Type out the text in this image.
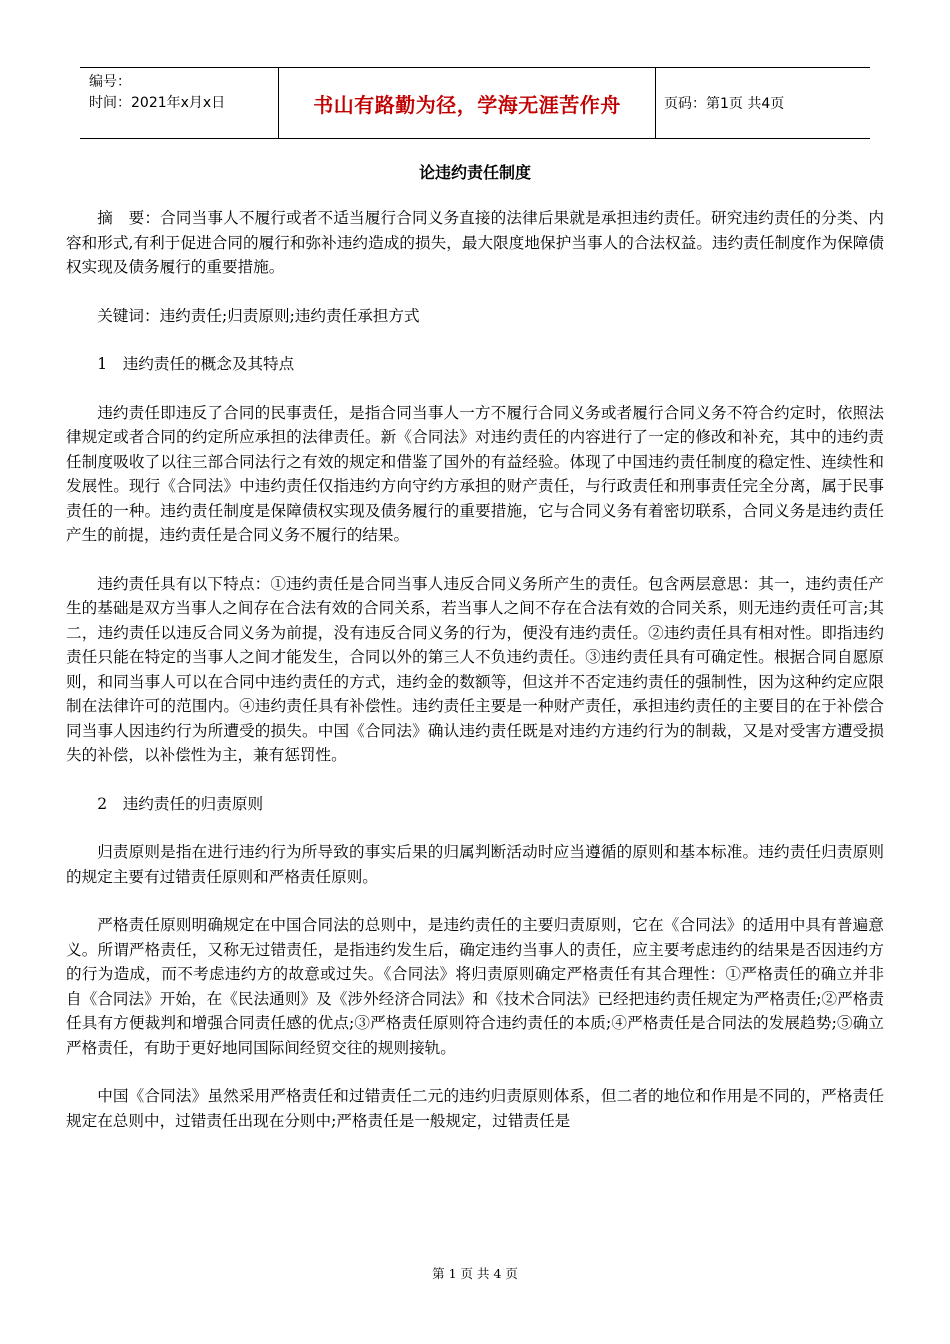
编号：
时间：2021年x月x日	书山有路勤为径，学海无涯苦作舟	页码：第1页 共4页
论违约责任制度

摘　要：合同当事人不履行或者不适当履行合同义务直接的法律后果就是承担违约责任。研究违约责任的分类、内容和形式,有利于促进合同的履行和弥补违约造成的损失，最大限度地保护当事人的合法权益。违约责任制度作为保障债权实现及债务履行的重要措施。

关键词：违约责任;归责原则;违约责任承担方式

1　违约责任的概念及其特点

违约责任即违反了合同的民事责任，是指合同当事人一方不履行合同义务或者履行合同义务不符合约定时，依照法律规定或者合同的约定所应承担的法律责任。新《合同法》对违约责任的内容进行了一定的修改和补充，其中的违约责任制度吸收了以往三部合同法行之有效的规定和借鉴了国外的有益经验。体现了中国违约责任制度的稳定性、连续性和发展性。现行《合同法》中违约责任仅指违约方向守约方承担的财产责任，与行政责任和刑事责任完全分离，属于民事责任的一种。违约责任制度是保障债权实现及债务履行的重要措施，它与合同义务有着密切联系，合同义务是违约责任产生的前提，违约责任是合同义务不履行的结果。

违约责任具有以下特点：①违约责任是合同当事人违反合同义务所产生的责任。包含两层意思：其一，违约责任产生的基础是双方当事人之间存在合法有效的合同关系，若当事人之间不存在合法有效的合同关系，则无违约责任可言;其二，违约责任以违反合同义务为前提，没有违反合同义务的行为，便没有违约责任。②违约责任具有相对性。即指违约责任只能在特定的当事人之间才能发生，合同以外的第三人不负违约责任。③违约责任具有可确定性。根据合同自愿原则，和同当事人可以在合同中违约责任的方式，违约金的数额等，但这并不否定违约责任的强制性，因为这种约定应限制在法律许可的范围内。④违约责任具有补偿性。违约责任主要是一种财产责任，承担违约责任的主要目的在于补偿合同当事人因违约行为所遭受的损失。中国《合同法》确认违约责任既是对违约方违约行为的制裁，又是对受害方遭受损失的补偿，以补偿性为主，兼有惩罚性。

2　违约责任的归责原则

归责原则是指在进行违约行为所导致的事实后果的归属判断活动时应当遵循的原则和基本标准。违约责任归责原则的规定主要有过错责任原则和严格责任原则。

严格责任原则明确规定在中国合同法的总则中，是违约责任的主要归责原则，它在《合同法》的适用中具有普遍意义。所谓严格责任，又称无过错责任，是指违约发生后，确定违约当事人的责任，应主要考虑违约的结果是否因违约方的行为造成，而不考虑违约方的故意或过失。《合同法》将归责原则确定严格责任有其合理性：①严格责任的确立并非自《合同法》开始，在《民法通则》及《涉外经济合同法》和《技术合同法》已经把违约责任规定为严格责任;②严格责任具有方便裁判和增强合同责任感的优点;③严格责任原则符合违约责任的本质;④严格责任是合同法的发展趋势;⑤确立严格责任，有助于更好地同国际间经贸交往的规则接轨。

中国《合同法》虽然采用严格责任和过错责任二元的违约归责原则体系，但二者的地位和作用是不同的，严格责任规定在总则中，过错责任出现在分则中;严格责任是一般规定，过错责任是

第 1 页 共 4 页
